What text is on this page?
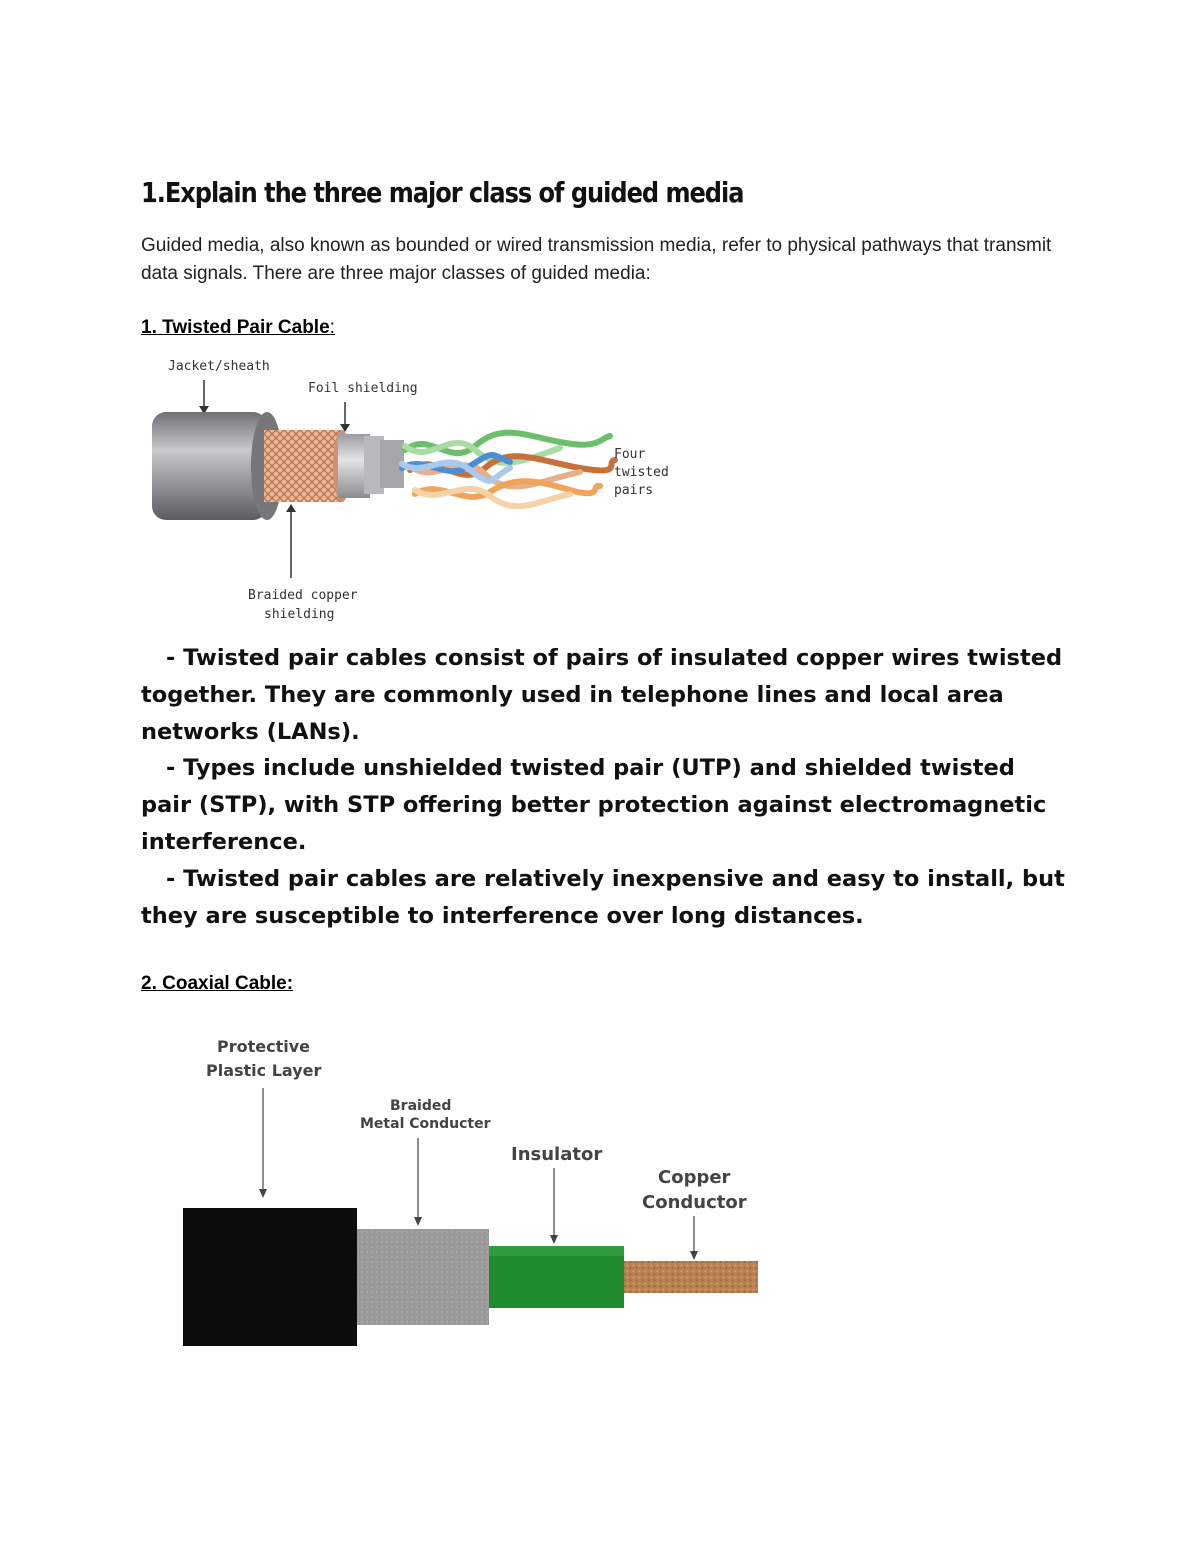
1.Explain the three major class of guided media

Guided media, also known as bounded or wired transmission media, refer to physical pathways that transmit data signals. There are three major classes of guided media:

1. Twisted Pair Cable:
Jacket/sheath
Foil shielding
Four
twisted
pairs
Braided copper
shielding

- Twisted pair cables consist of pairs of insulated copper wires twisted together. They are commonly used in telephone lines and local area networks (LANs).

- Types include unshielded twisted pair (UTP) and shielded twisted pair (STP), with STP offering better protection against electromagnetic interference.

- Twisted pair cables are relatively inexpensive and easy to install, but they are susceptible to interference over long distances.

2. Coaxial Cable:
Protective
Plastic Layer
Braided
Metal Conducter
Insulator
Copper
Conductor
